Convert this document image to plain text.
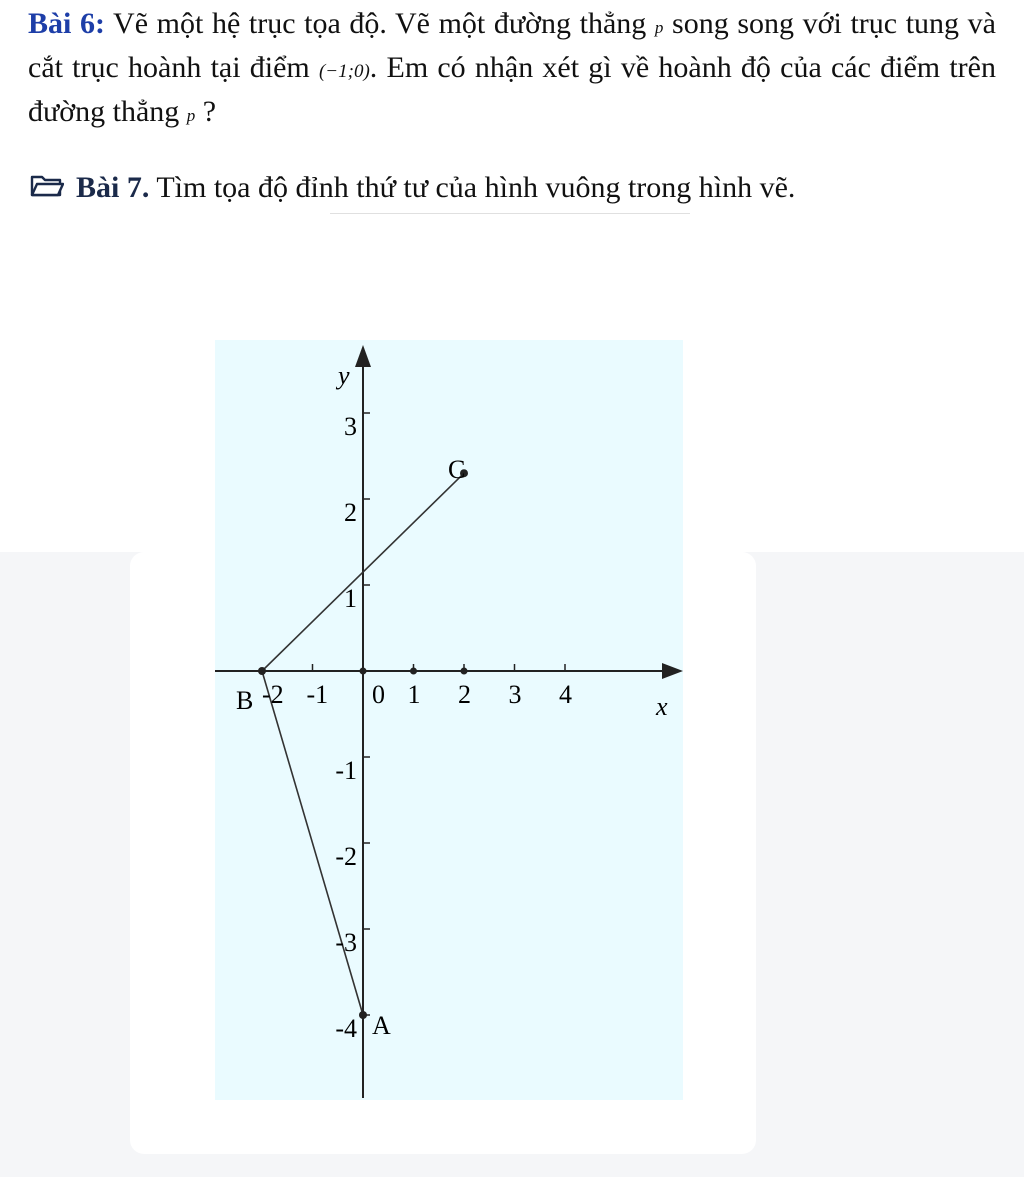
Bài 6: Vẽ một hệ trục tọa độ. Vẽ một đường thẳng p song song với trục tung và cắt trục hoành tại điểm (−1;0). Em có nhận xét gì về hoành độ của các điểm trên đường thẳng p ?

Bài 7. Tìm tọa độ đỉnh thứ tư của hình vuông trong hình vẽ.

y
x
0
-2 -1	1 2 3 4
3
2
1
-1
-2
-3
-4
B
C
A
